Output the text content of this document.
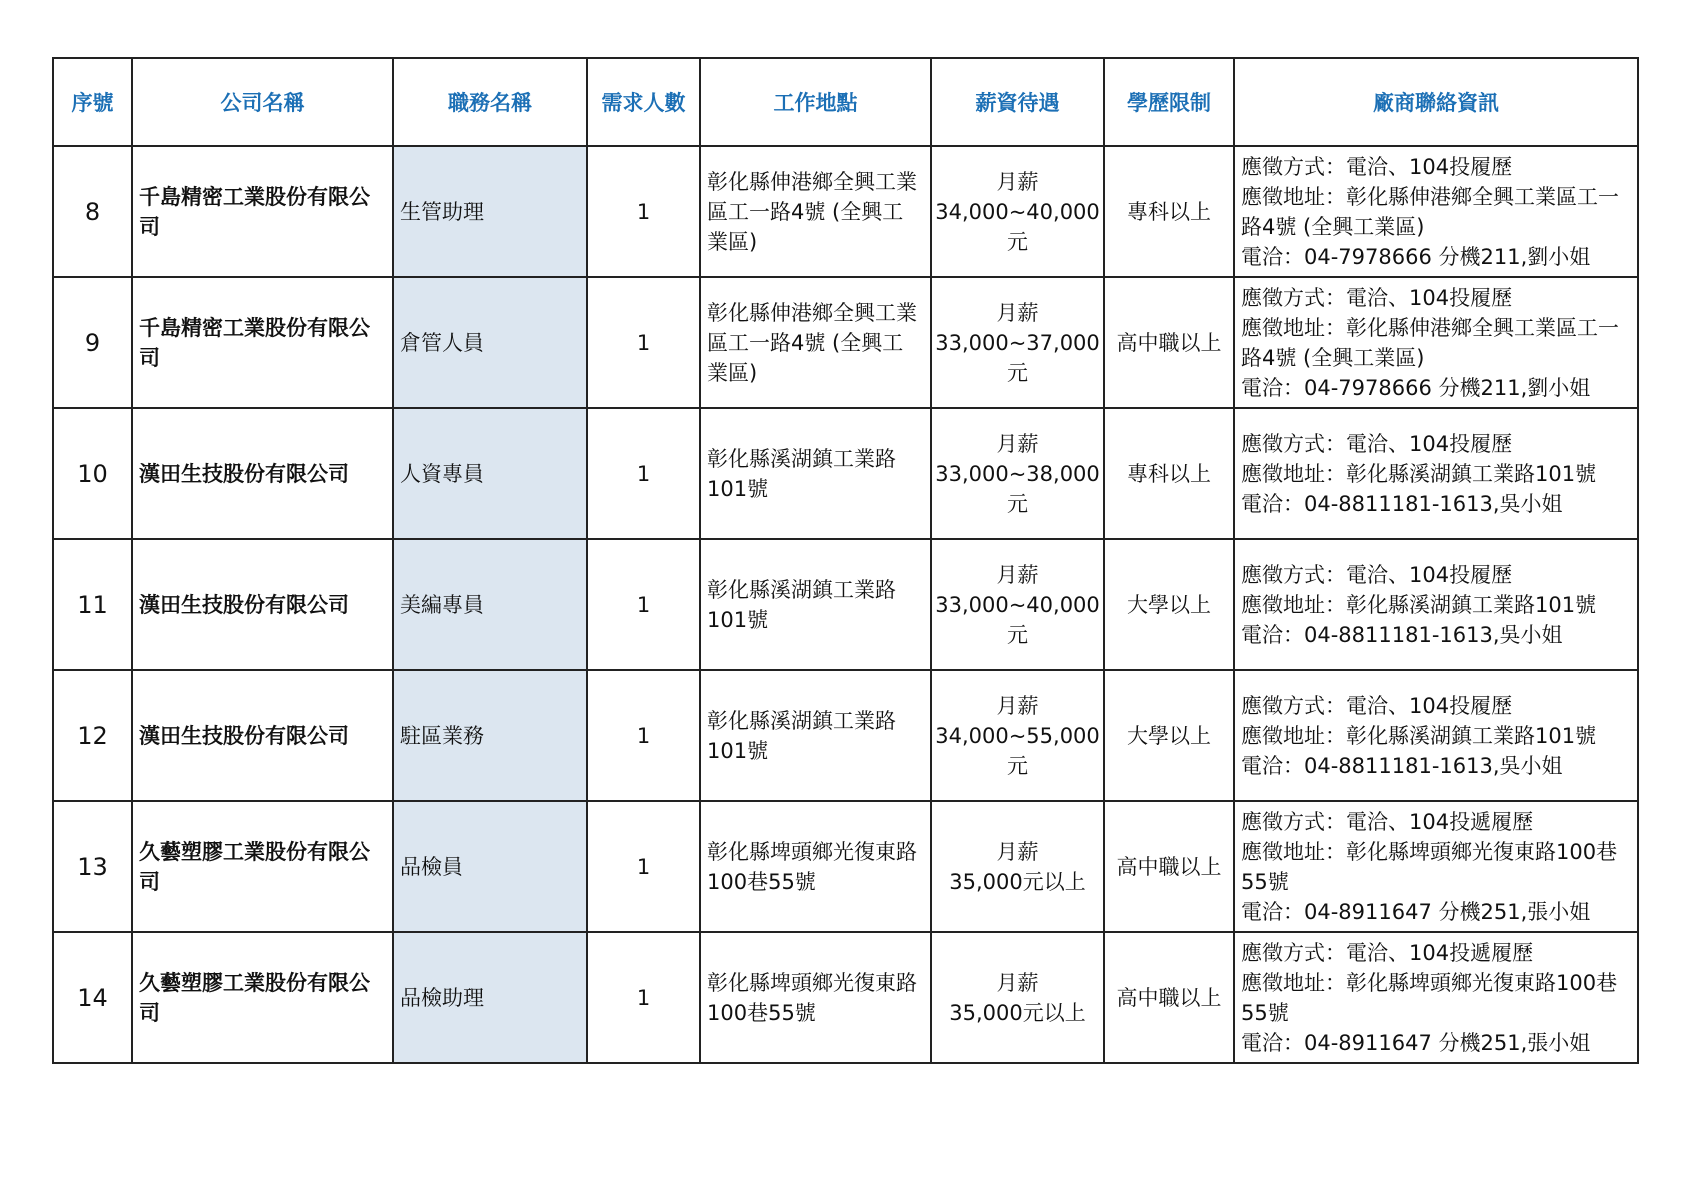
序號	公司名稱	職務名稱	需求人數	工作地點	薪資待遇	學歷限制	廠商聯絡資訊
8	千島精密工業股份有限公司	生管助理	1	彰化縣伸港鄉全興工業區工一路4號 (全興工業區)	月薪
34,000~40,000
元	專科以上	應徵方式：電洽、104投履歷
應徵地址：彰化縣伸港鄉全興工業區工一路4號 (全興工業區)
電洽：04-7978666 分機211,劉小姐

9	千島精密工業股份有限公司	倉管人員	1	彰化縣伸港鄉全興工業區工一路4號 (全興工業區)	月薪
33,000~37,000
元	高中職以上	應徵方式：電洽、104投履歷
應徵地址：彰化縣伸港鄉全興工業區工一路4號 (全興工業區)
電洽：04-7978666 分機211,劉小姐

10	漢田生技股份有限公司	人資專員	1	彰化縣溪湖鎮工業路101號	月薪
33,000~38,000
元	專科以上	應徵方式：電洽、104投履歷
應徵地址：彰化縣溪湖鎮工業路101號
電洽：04-8811181-1613,吳小姐

11	漢田生技股份有限公司	美編專員	1	彰化縣溪湖鎮工業路101號	月薪
33,000~40,000
元	大學以上	應徵方式：電洽、104投履歷
應徵地址：彰化縣溪湖鎮工業路101號
電洽：04-8811181-1613,吳小姐

12	漢田生技股份有限公司	駐區業務	1	彰化縣溪湖鎮工業路101號	月薪
34,000~55,000
元	大學以上	應徵方式：電洽、104投履歷
應徵地址：彰化縣溪湖鎮工業路101號
電洽：04-8811181-1613,吳小姐

13	久藝塑膠工業股份有限公司	品檢員	1	彰化縣埤頭鄉光復東路100巷55號	月薪
35,000元以上	高中職以上	應徵方式：電洽、104投遞履歷
應徵地址：彰化縣埤頭鄉光復東路100巷55號
電洽：04-8911647 分機251,張小姐

14	久藝塑膠工業股份有限公司	品檢助理	1	彰化縣埤頭鄉光復東路100巷55號	月薪
35,000元以上	高中職以上	應徵方式：電洽、104投遞履歷
應徵地址：彰化縣埤頭鄉光復東路100巷55號
電洽：04-8911647 分機251,張小姐
